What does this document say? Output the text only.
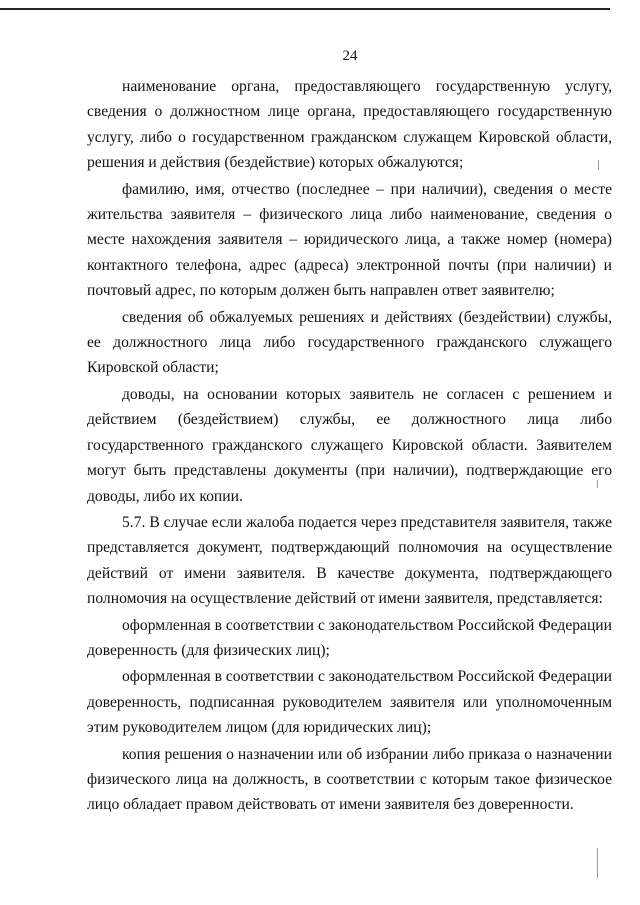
24

наименование органа, предоставляющего государственную услугу, сведения о должностном лице органа, предоставляющего государственную услугу, либо о государственном гражданском служащем Кировской области, решения и действия (бездействие) которых обжалуются;

фамилию, имя, отчество (последнее – при наличии), сведения о месте жительства заявителя – физического лица либо наименование, сведения о месте нахождения заявителя – юридического лица, а также номер (номера) контактного телефона, адрес (адреса) электронной почты (при наличии) и почтовый адрес, по которым должен быть направлен ответ заявителю;

сведения об обжалуемых решениях и действиях (бездействии) службы, ее должностного лица либо государственного гражданского служащего Кировской области;

доводы, на основании которых заявитель не согласен с решением и действием (бездействием) службы, ее должностного лица либо государственного гражданского служащего Кировской области. Заявителем могут быть представлены документы (при наличии), подтверждающие его доводы, либо их копии.

5.7. В случае если жалоба подается через представителя заявителя, также представляется документ, подтверждающий полномочия на осуществление действий от имени заявителя. В качестве документа, подтверждающего полномочия на осуществление действий от имени заявителя, представляется:

оформленная в соответствии с законодательством Российской Федерации доверенность (для физических лиц);

оформленная в соответствии с законодательством Российской Федерации доверенность, подписанная руководителем заявителя или уполномоченным этим руководителем лицом (для юридических лиц);

копия решения о назначении или об избрании либо приказа о назначении физического лица на должность, в соответствии с которым такое физическое лицо обладает правом действовать от имени заявителя без доверенности.
